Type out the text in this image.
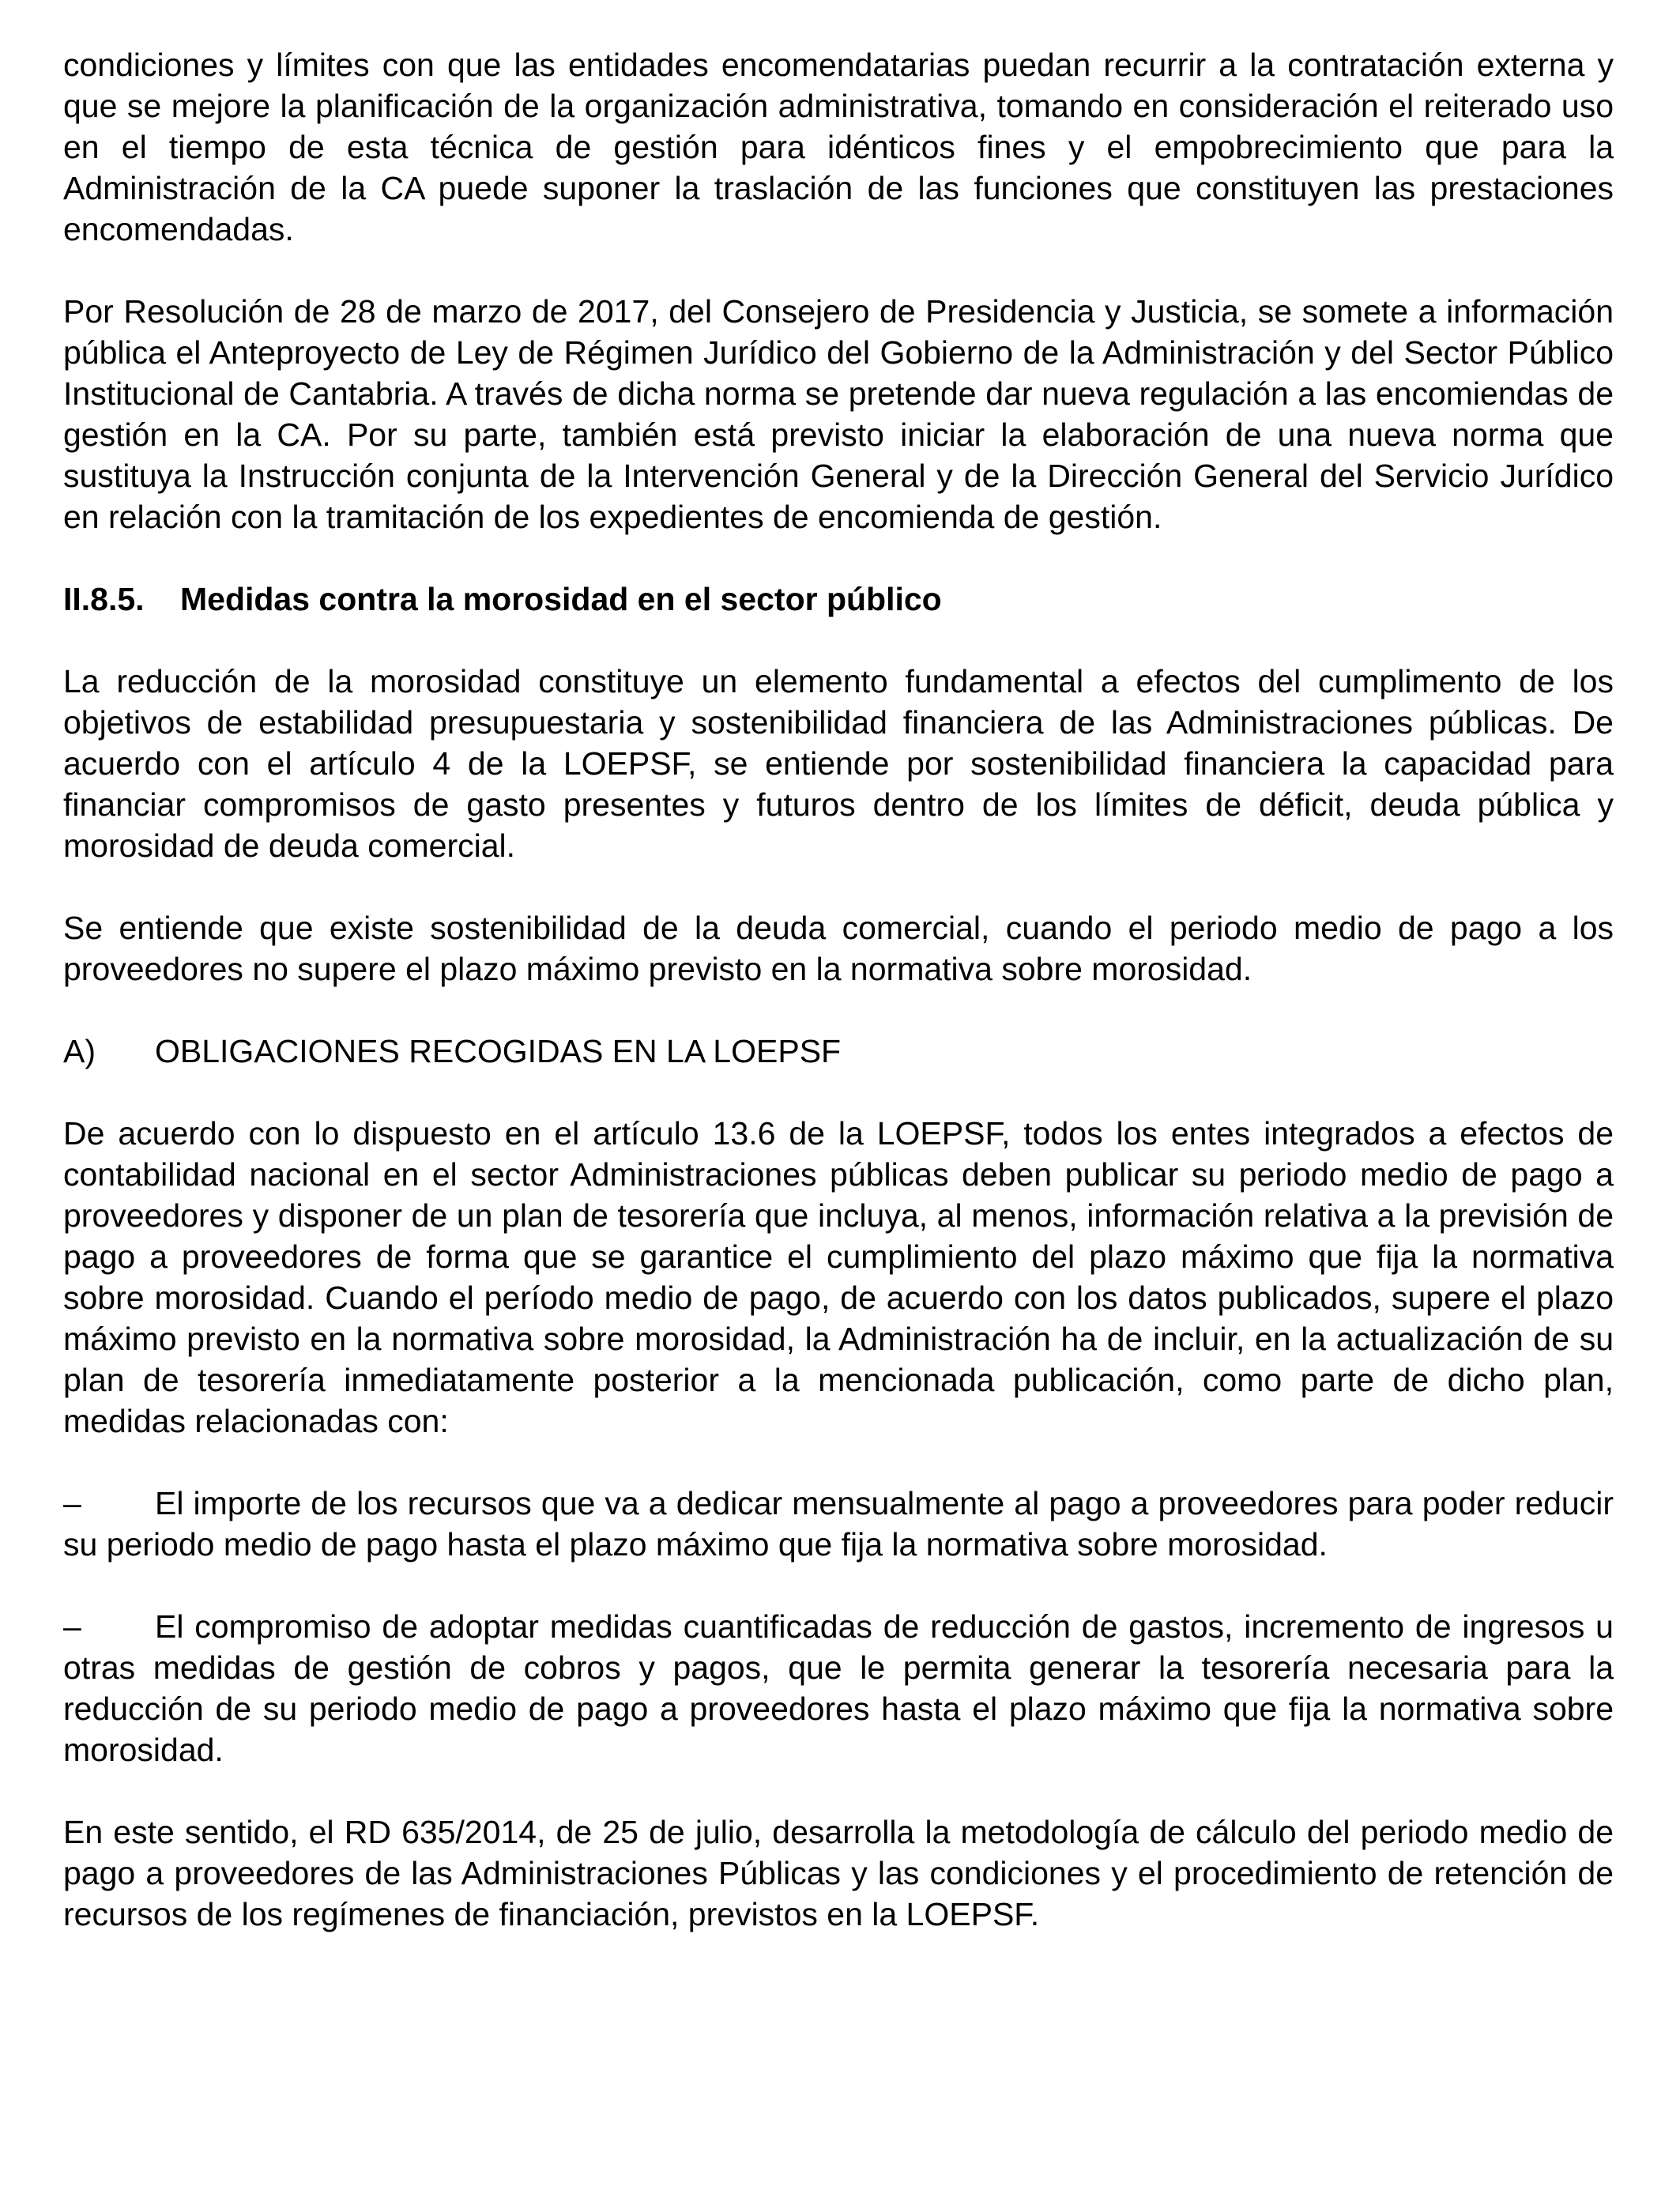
condiciones y límites con que las entidades encomendatarias puedan recurrir a la contratación externa y que se mejore la planificación de la organización administrativa, tomando en consideración el reiterado uso en el tiempo de esta técnica de gestión para idénticos fines y el empobrecimiento que para la Administración de la CA puede suponer la traslación de las funciones que constituyen las prestaciones encomendadas.

Por Resolución de 28 de marzo de 2017, del Consejero de Presidencia y Justicia, se somete a información pública el Anteproyecto de Ley de Régimen Jurídico del Gobierno de la Administración y del Sector Público Institucional de Cantabria. A través de dicha norma se pretende dar nueva regulación a las encomiendas de gestión en la CA. Por su parte, también está previsto iniciar la elaboración de una nueva norma que sustituya la Instrucción conjunta de la Intervención General y de la Dirección General del Servicio Jurídico en relación con la tramitación de los expedientes de encomienda de gestión.

II.8.5. Medidas contra la morosidad en el sector público

La reducción de la morosidad constituye un elemento fundamental a efectos del cumplimento de los objetivos de estabilidad presupuestaria y sostenibilidad financiera de las Administraciones públicas. De acuerdo con el artículo 4 de la LOEPSF, se entiende por sostenibilidad financiera la capacidad para financiar compromisos de gasto presentes y futuros dentro de los límites de déficit, deuda pública y morosidad de deuda comercial.

Se entiende que existe sostenibilidad de la deuda comercial, cuando el periodo medio de pago a los proveedores no supere el plazo máximo previsto en la normativa sobre morosidad.

A) OBLIGACIONES RECOGIDAS EN LA LOEPSF

De acuerdo con lo dispuesto en el artículo 13.6 de la LOEPSF, todos los entes integrados a efectos de contabilidad nacional en el sector Administraciones públicas deben publicar su periodo medio de pago a proveedores y disponer de un plan de tesorería que incluya, al menos, información relativa a la previsión de pago a proveedores de forma que se garantice el cumplimiento del plazo máximo que fija la normativa sobre morosidad. Cuando el período medio de pago, de acuerdo con los datos publicados, supere el plazo máximo previsto en la normativa sobre morosidad, la Administración ha de incluir, en la actualización de su plan de tesorería inmediatamente posterior a la mencionada publicación, como parte de dicho plan, medidas relacionadas con:

– El importe de los recursos que va a dedicar mensualmente al pago a proveedores para poder reducir su periodo medio de pago hasta el plazo máximo que fija la normativa sobre morosidad.

– El compromiso de adoptar medidas cuantificadas de reducción de gastos, incremento de ingresos u otras medidas de gestión de cobros y pagos, que le permita generar la tesorería necesaria para la reducción de su periodo medio de pago a proveedores hasta el plazo máximo que fija la normativa sobre morosidad.

En este sentido, el RD 635/2014, de 25 de julio, desarrolla la metodología de cálculo del periodo medio de pago a proveedores de las Administraciones Públicas y las condiciones y el procedimiento de retención de recursos de los regímenes de financiación, previstos en la LOEPSF.
